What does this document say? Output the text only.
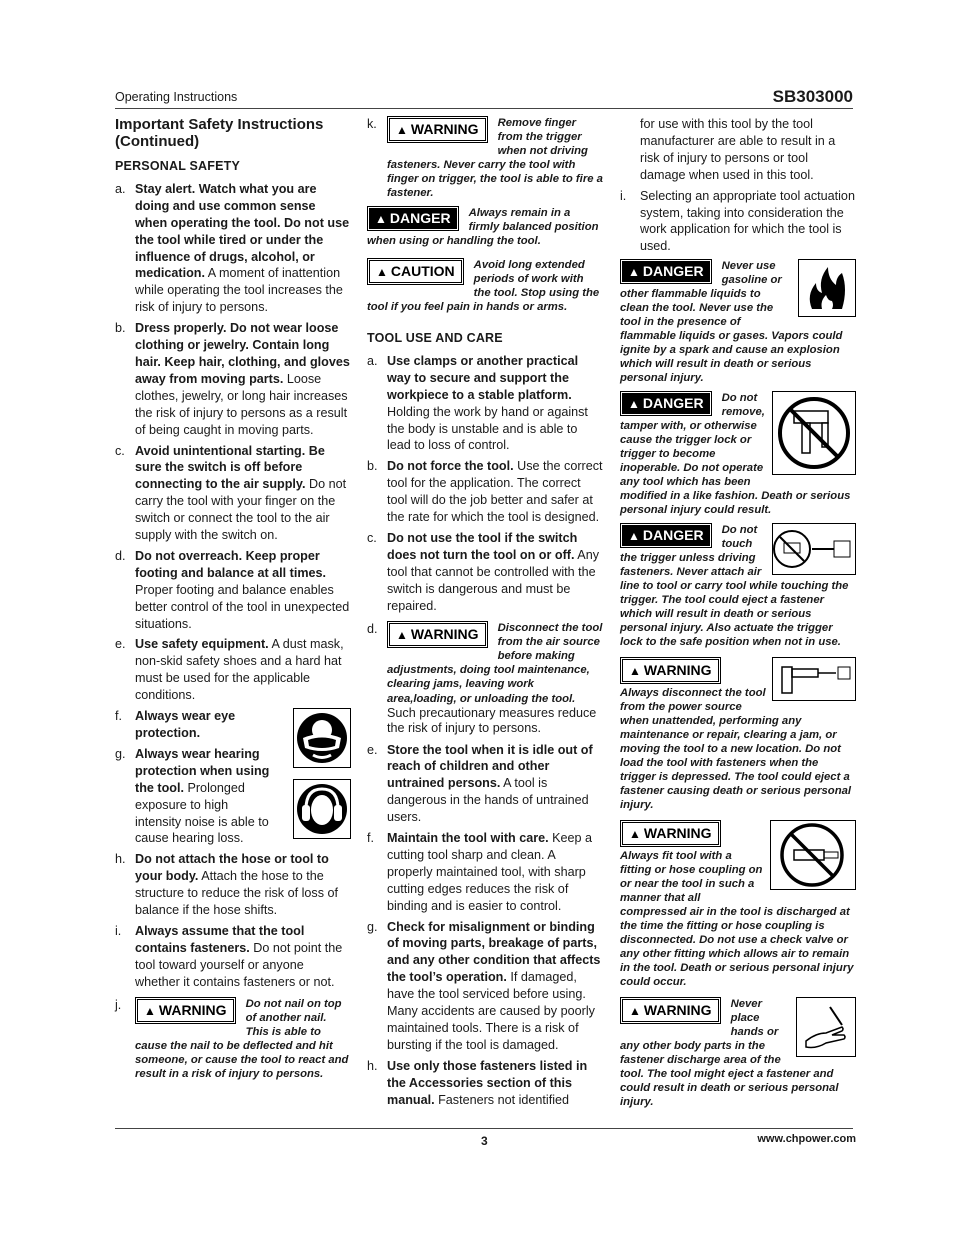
Operating Instructions	SB303000
Important Safety Instructions (Continued)
PERSONAL SAFETY
a. Stay alert. Watch what you are doing and use common sense when operating the tool. Do not use the tool while tired or under the influence of drugs, alcohol, or medication. A moment of inattention while operating the tool increases the risk of injury to persons.
b. Dress properly. Do not wear loose clothing or jewelry. Contain long hair. Keep hair, clothing, and gloves away from moving parts. Loose clothes, jewelry, or long hair increases the risk of injury to persons as a result of being caught in moving parts.
c. Avoid unintentional starting. Be sure the switch is off before connecting to the air supply. Do not carry the tool with your finger on the switch or connect the tool to the air supply with the switch on.
d. Do not overreach. Keep proper footing and balance at all times. Proper footing and balance enables better control of the tool in unexpected situations.
e. Use safety equipment. A dust mask, non-skid safety shoes and a hard hat must be used for the applicable conditions.
f. Always wear eye protection.
g. Always wear hearing protection when using the tool. Prolonged exposure to high intensity noise is able to cause hearing loss.
h. Do not attach the hose or tool to your body. Attach the hose to the structure to reduce the risk of loss of balance if the hose shifts.
i. Always assume that the tool contains fasteners. Do not point the tool toward yourself or anyone whether it contains fasteners or not.
j.	▲ WARNING	Do not nail on top of another nail. This is able to cause the nail to be deflected and hit someone, or cause the tool to react and result in a risk of injury to persons.
k.	▲ WARNING	Remove finger from the trigger when not driving fasteners. Never carry the tool with finger on trigger, the tool is able to fire a fastener.
▲ DANGER	Always remain in a firmly balanced position when using or handling the tool.
▲ CAUTION	Avoid long extended periods of work with the tool. Stop using the tool if you feel pain in hands or arms.
TOOL USE AND CARE
a. Use clamps or another practical way to secure and support the workpiece to a stable platform. Holding the work by hand or against the body is unstable and is able to lead to loss of control.
b. Do not force the tool. Use the correct tool for the application. The correct tool will do the job better and safer at the rate for which the tool is designed.
c. Do not use the tool if the switch does not turn the tool on or off. Any tool that cannot be controlled with the switch is dangerous and must be repaired.
d.	▲ WARNING	Disconnect the tool from the air source before making adjustments, doing tool maintenance, clearing jams, leaving work area,loading, or unloading the tool. Such precautionary measures reduce the risk of injury to persons.
e. Store the tool when it is idle out of reach of children and other untrained persons. A tool is dangerous in the hands of untrained users.
f. Maintain the tool with care. Keep a cutting tool sharp and clean. A properly maintained tool, with sharp cutting edges reduces the risk of binding and is easier to control.
g. Check for misalignment or binding of moving parts, breakage of parts, and any other condition that affects the tool’s operation. If damaged, have the tool serviced before using. Many accidents are caused by poorly maintained tools. There is a risk of bursting if the tool is damaged.
h. Use only those fasteners listed in the Accessories section of this manual. Fasteners not identified
for use with this tool by the tool manufacturer are able to result in a risk of injury to persons or tool damage when used in this tool.
i. Selecting an appropriate tool actuation system, taking into consideration the work application for which the tool is used.
▲ DANGER	Never use gasoline or other flammable liquids to clean the tool. Never use the tool in the presence of flammable liquids or gases. Vapors could ignite by a spark and cause an explosion which will result in death or serious personal injury.
▲ DANGER	Do not remove, tamper with, or otherwise cause the trigger lock or trigger to become inoperable. Do not operate any tool which has been modified in a like fashion. Death or serious personal injury could result.
▲ DANGER	Do not touch the trigger unless driving fasteners. Never attach air line to tool or carry tool while touching the trigger. The tool could eject a fastener which will result in death or serious personal injury. Also actuate the trigger lock to the safe position when not in use.
▲ WARNING
Always disconnect the tool from the power source when unattended, performing any maintenance or repair, clearing a jam, or moving the tool to a new location. Do not load the tool with fasteners when the trigger is depressed. The tool could eject a fastener causing death or serious personal injury.
▲ WARNING
Always fit tool with a fitting or hose coupling on or near the tool in such a manner that all compressed air in the tool is discharged at the time the fitting or hose coupling is disconnected. Do not use a check valve or any other fitting which allows air to remain in the tool. Death or serious personal injury could occur.
▲ WARNING	Never place hands or any other body parts in the fastener discharge area of the tool. The tool might eject a fastener and could result in death or serious personal injury.
3	www.chpower.com
